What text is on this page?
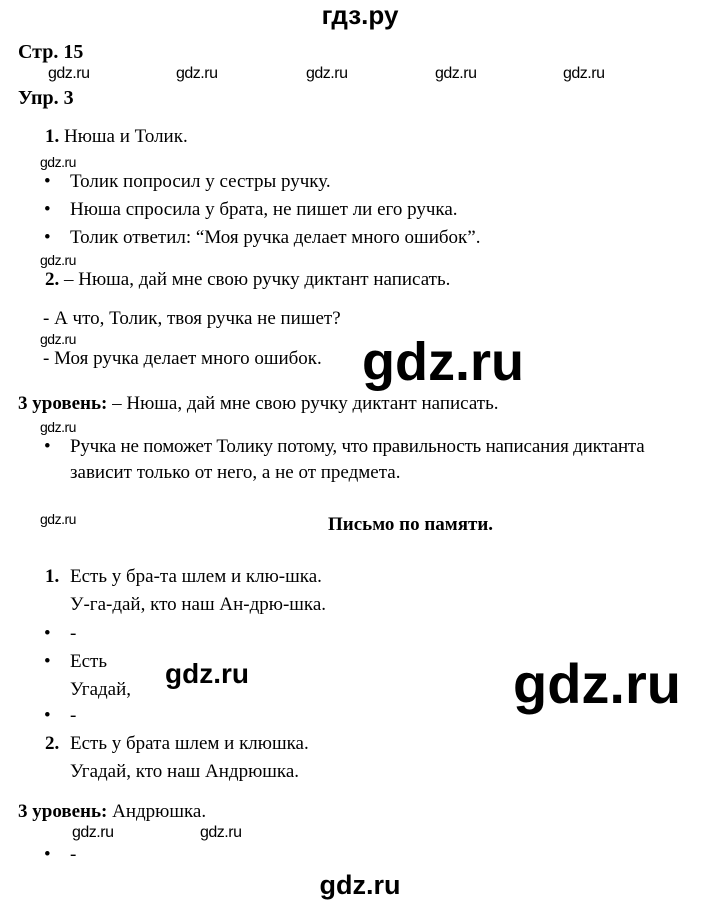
гдз.ру
Стр. 15
gdz.ru	gdz.ru	gdz.ru	gdz.ru	gdz.ru
Упр. 3
1. Нюша и Толик.
gdz.ru
• Толик попросил у сестры ручку.
• Нюша спросила у брата, не пишет ли его ручка.
• Толик ответил: “Моя ручка делает много ошибок”.
gdz.ru
2. – Нюша, дай мне свою ручку диктант написать.
- А что, Толик, твоя ручка не пишет?
gdz.ru
- Моя ручка делает много ошибок. gdz.ru
3 уровень: – Нюша, дай мне свою ручку диктант написать.
gdz.ru
• Ручка не поможет Толику потому, что правильность написания диктанта
зависит только от него, а не от предмета.
gdz.ru	Письмо по памяти.
1. Есть у бра-та шлем и клю-шка.
У-га-дай, кто наш Ан-дрю-шка.
• -
• Есть
Угадай,
gdz.ru	gdz.ru
• -
2. Есть у брата шлем и клюшка.
Угадай, кто наш Андрюшка.
3 уровень: Андрюшка.
gdz.ru	gdz.ru
• -
gdz.ru
